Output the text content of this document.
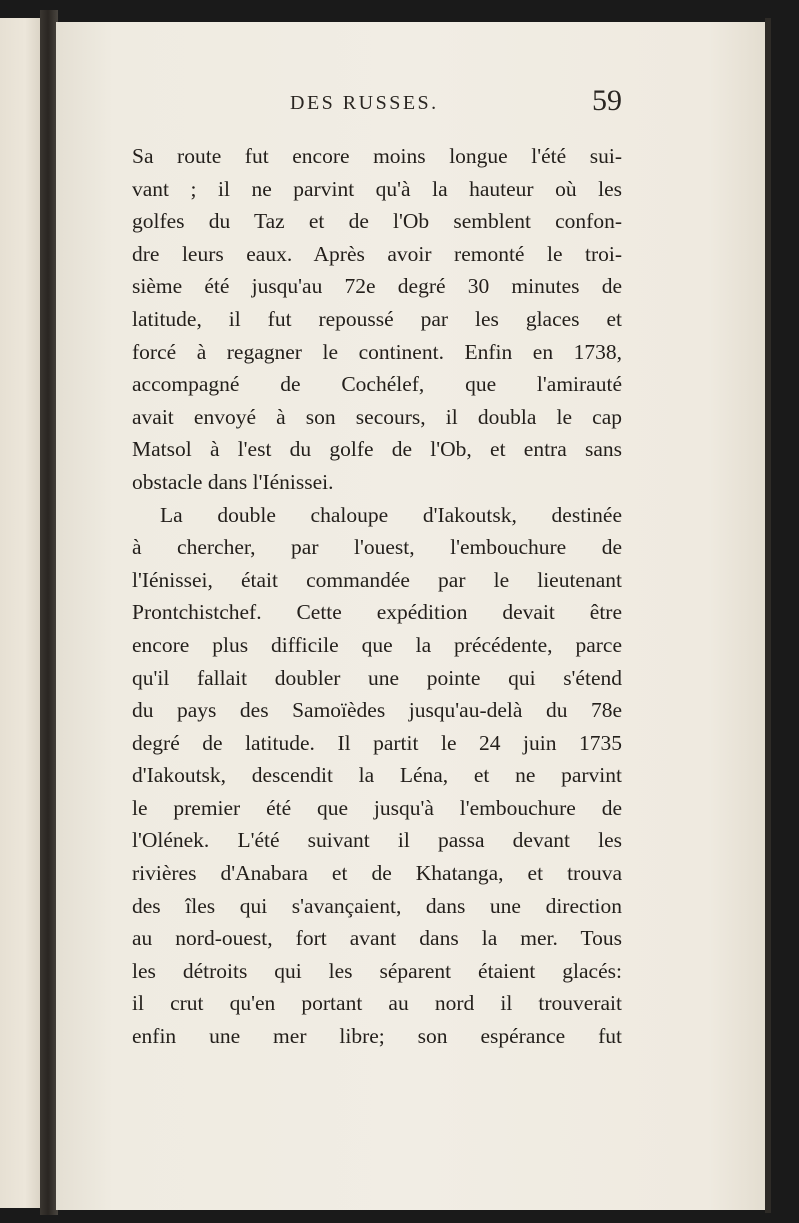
DES RUSSES.	59
Sa route fut encore moins longue l'été sui-
vant ; il ne parvint qu'à la hauteur où les
golfes du Taz et de l'Ob semblent confon-
dre leurs eaux. Après avoir remonté le troi-
sième été jusqu'au 72e degré 30 minutes de
latitude, il fut repoussé par les glaces et
forcé à regagner le continent. Enfin en 1738,
accompagné de Cochélef, que l'amirauté
avait envoyé à son secours, il doubla le cap
Matsol à l'est du golfe de l'Ob, et entra sans
obstacle dans l'Iénissei.
La double chaloupe d'Iakoutsk, destinée
à chercher, par l'ouest, l'embouchure de
l'Iénissei, était commandée par le lieutenant
Prontchistchef. Cette expédition devait être
encore plus difficile que la précédente, parce
qu'il fallait doubler une pointe qui s'étend
du pays des Samoïèdes jusqu'au-delà du 78e
degré de latitude. Il partit le 24 juin 1735
d'Iakoutsk, descendit la Léna, et ne parvint
le premier été que jusqu'à l'embouchure de
l'Olének. L'été suivant il passa devant les
rivières d'Anabara et de Khatanga, et trouva
des îles qui s'avançaient, dans une direction
au nord-ouest, fort avant dans la mer. Tous
les détroits qui les séparent étaient glacés:
il crut qu'en portant au nord il trouverait
enfin une mer libre; son espérance fut
